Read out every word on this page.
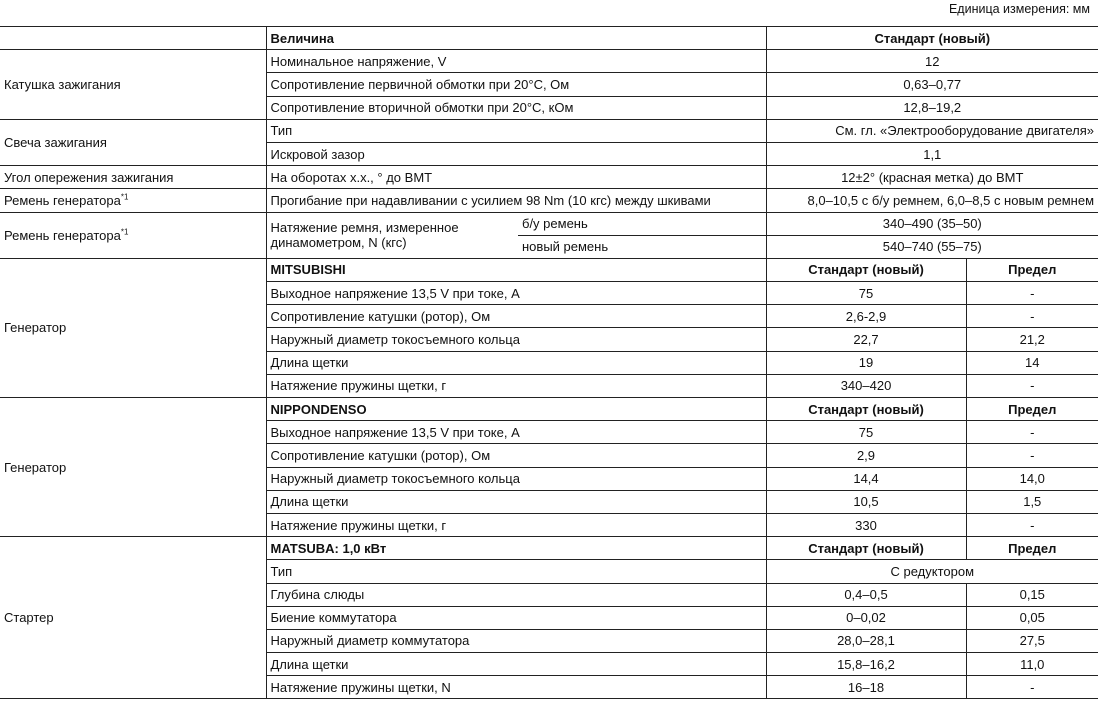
Единица измерения: мм
	Величина		Стандарт (новый)	
Катушка зажигания	Номинальное напряжение, V		12	
	Сопротивление первичной обмотки при 20°С, Ом		0,63–0,77	
	Сопротивление вторичной обмотки при 20°С, кОм		12,8–19,2	
Свеча зажигания	Тип		См. гл. «Электрооборудование двигателя»	
	Искровой зазор		1,1	
Угол опережения зажигания	На оборотах х.х., ° до ВМТ		12±2° (красная метка) до ВМТ	
Ремень генератора$^{*1}$	Прогибание при надавливании с усилием 98 Nm (10 кгс) между шкивами		8,0–10,5 с б/у ремнем, 6,0–8,5 с новым ремнем	
Ремень генератора$^{*1}$	Натяжение ремня, измеренное динамометром, N (кгс)	б/у ремень	340–490 (35–50)	
		новый ремень	540–740 (55–75)	
Генератор	MITSUBISHI		Стандарт (новый)	Предел
	Выходное напряжение 13,5 V при токе, А		75	-
	Сопротивление катушки (ротор), Ом		2,6-2,9	-
	Наружный диаметр токосъемного кольца		22,7	21,2
	Длина щетки		19	14
	Натяжение пружины щетки, г		340–420	-
Генератор	NIPPONDENSO		Стандарт (новый)	Предел
	Выходное напряжение 13,5 V при токе, А		75	-
	Сопротивление катушки (ротор), Ом		2,9	-
	Наружный диаметр токосъемного кольца		14,4	14,0
	Длина щетки		10,5	1,5
	Натяжение пружины щетки, г		330	-
Стартер	MATSUBA: 1,0 кВт		Стандарт (новый)	Предел
	Тип		С редуктором	
	Глубина слюды		0,4–0,5	0,15
	Биение коммутатора		0–0,02	0,05
	Наружный диаметр коммутатора		28,0–28,1	27,5
	Длина щетки		15,8–16,2	11,0
	Натяжение пружины щетки, N		16–18	-
